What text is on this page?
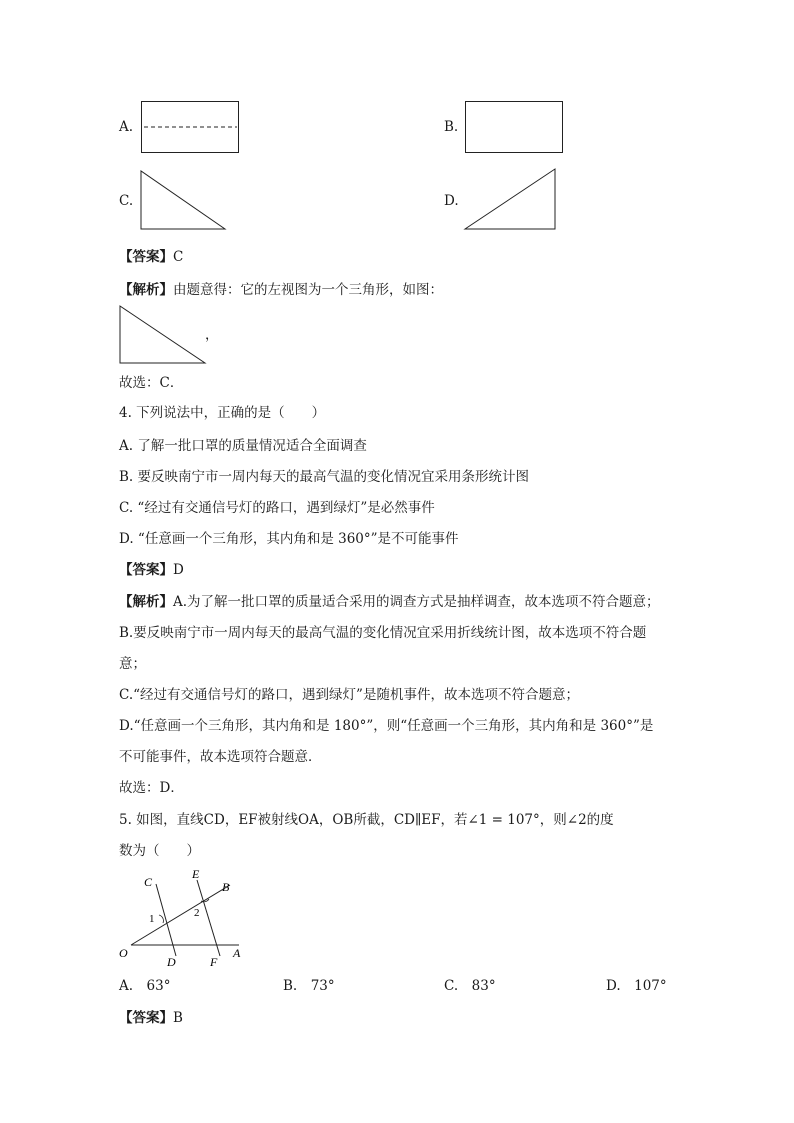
A.	B.
C.	D.
【答案】C
【解析】由题意得：它的左视图为一个三角形，如图：
，
故选：C．
4. 下列说法中，正确的是（　　）
A. 了解一批口罩的质量情况适合全面调查
B. 要反映南宁市一周内每天的最高气温的变化情况宜采用条形统计图
C. “经过有交通信号灯的路口，遇到绿灯”是必然事件
D. “任意画一个三角形，其内角和是 360°”是不可能事件
【答案】D
【解析】A.为了解一批口罩的质量适合采用的调查方式是抽样调查，故本选项不符合题意；
B.要反映南宁市一周内每天的最高气温的变化情况宜采用折线统计图，故本选项不符合题
意；
C.“经过有交通信号灯的路口，遇到绿灯”是随机事件，故本选项不符合题意；
D.“任意画一个三角形，其内角和是 180°”，则“任意画一个三角形，其内角和是 360°”是
不可能事件，故本选项符合题意．
故选：D．
5. 如图，直线CD，EF被射线OA，OB所截，CD∥EF，若∠1 = 107°，则∠2的度
数为（　　）
C
E
B
1	2
O
D	F
A
A.　63°	B.　73°	C.　83°	D.　107°
【答案】B
